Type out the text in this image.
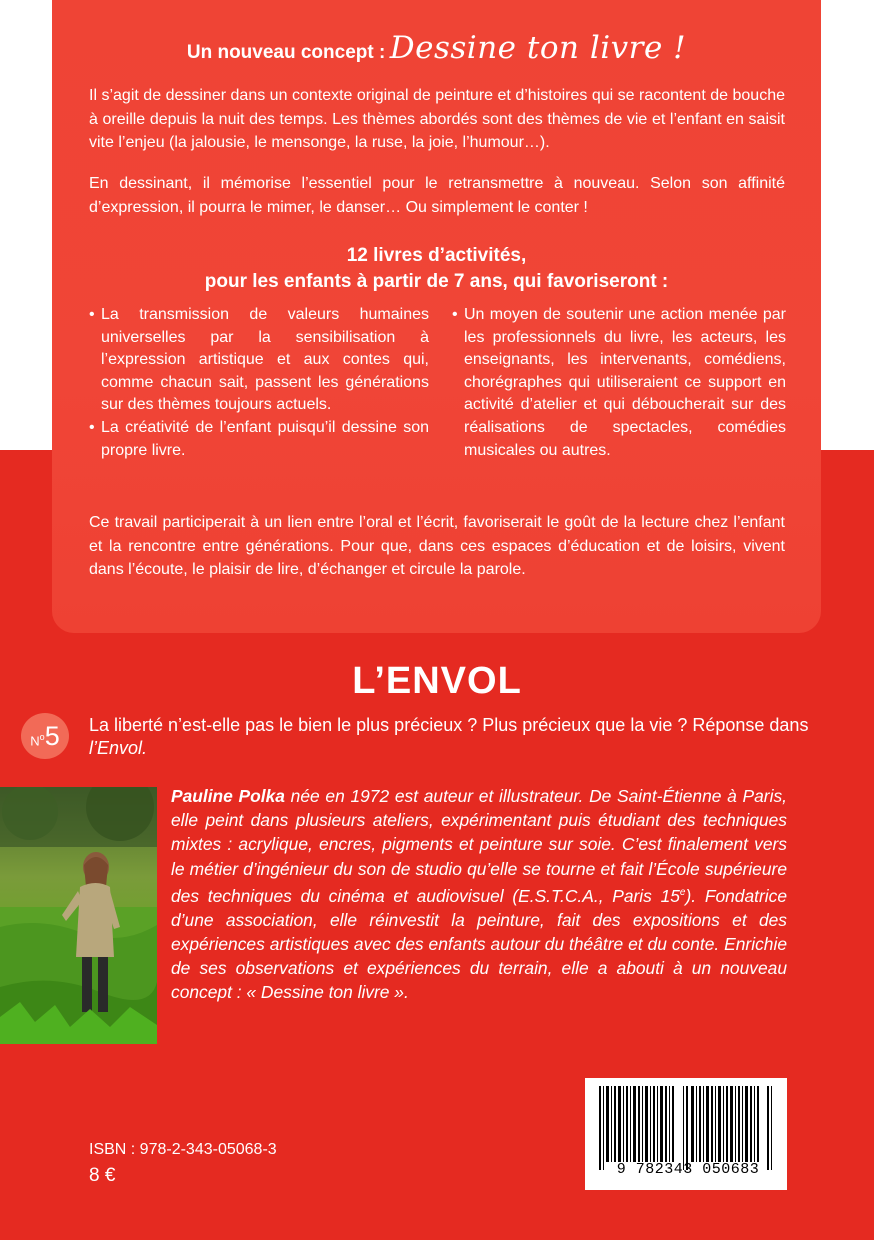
Un nouveau concept : Dessine ton livre !

Il s’agit de dessiner dans un contexte original de peinture et d’histoires qui se racontent de bouche à oreille depuis la nuit des temps. Les thèmes abordés sont des thèmes de vie et l’enfant en saisit vite l’enjeu (la jalousie, le mensonge, la ruse, la joie, l’humour…).

En dessinant, il mémorise l’essentiel pour le retransmettre à nouveau. Selon son affinité d’expression, il pourra le mimer, le danser… Ou simplement le conter !

12 livres d’activités,
pour les enfants à partir de 7 ans, qui favoriseront :
• La transmission de valeurs humaines universelles par la sensibilisation à l’expression artistique et aux contes qui, comme chacun sait, passent les générations sur des thèmes toujours actuels.
• La créativité de l’enfant puisqu’il dessine son propre livre.
• Un moyen de soutenir une action menée par les professionnels du livre, les acteurs, les enseignants, les intervenants, comédiens, chorégraphes qui utiliseraient ce support en activité d’atelier et qui déboucherait sur des réalisations de spectacles, comédies musicales ou autres.

Ce travail participerait à un lien entre l’oral et l’écrit, favoriserait le goût de la lecture chez l’enfant et la rencontre entre générations. Pour que, dans ces espaces d’éducation et de loisirs, vivent dans l’écoute, le plaisir de lire, d’échanger et circule la parole.

L’ENVOL
$N^o$ 5 La liberté n’est-elle pas le bien le plus précieux ? Plus précieux que la vie ? Réponse dans l’Envol.

Pauline Polka née en 1972 est auteur et illustrateur. De Saint-Étienne à Paris, elle peint dans plusieurs ateliers, expérimentant puis étudiant des techniques mixtes : acrylique, encres, pigments et peinture sur soie. C’est finalement vers le métier d’ingénieur du son de studio qu’elle se tourne et fait l’École supérieure des techniques du cinéma et audiovisuel (E.S.T.C.A., Paris 15e). Fondatrice d’une association, elle réinvestit la peinture, fait des expositions et des expériences artistiques avec des enfants autour du théâtre et du conte. Enrichie de ses observations et expériences du terrain, elle a abouti à un nouveau concept : « Dessine ton livre ».

ISBN : 978-2-343-05068-3
8 €	9 782343 050683
